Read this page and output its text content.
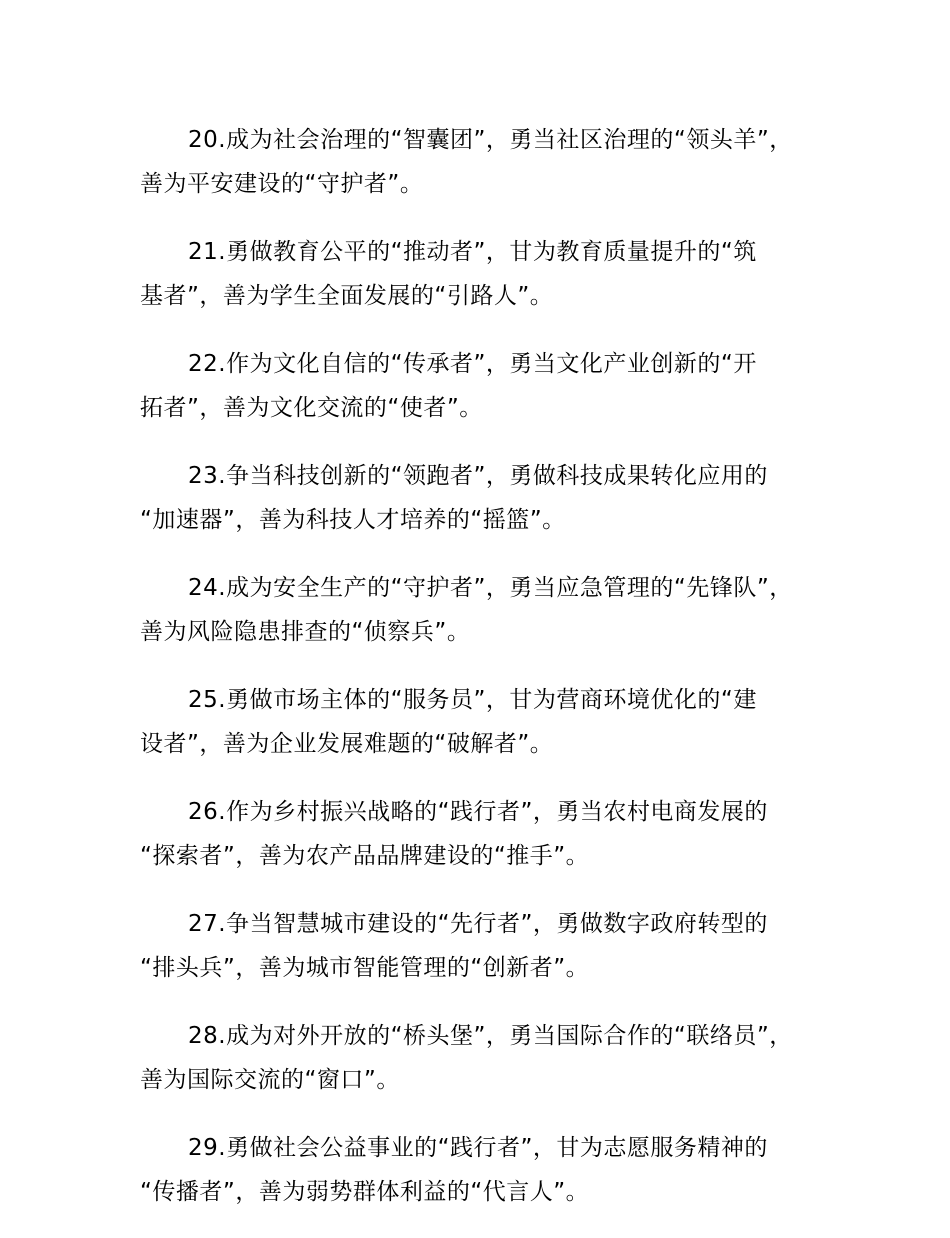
20.成为社会治理的“智囊团”，勇当社区治理的“领头羊”，
善为平安建设的“守护者”。

21.勇做教育公平的“推动者”，甘为教育质量提升的“筑
基者”，善为学生全面发展的“引路人”。

22.作为文化自信的“传承者”，勇当文化产业创新的“开
拓者”，善为文化交流的“使者”。

23.争当科技创新的“领跑者”，勇做科技成果转化应用的
“加速器”，善为科技人才培养的“摇篮”。

24.成为安全生产的“守护者”，勇当应急管理的“先锋队”，
善为风险隐患排查的“侦察兵”。

25.勇做市场主体的“服务员”，甘为营商环境优化的“建
设者”，善为企业发展难题的“破解者”。

26.作为乡村振兴战略的“践行者”，勇当农村电商发展的
“探索者”，善为农产品品牌建设的“推手”。

27.争当智慧城市建设的“先行者”，勇做数字政府转型的
“排头兵”，善为城市智能管理的“创新者”。

28.成为对外开放的“桥头堡”，勇当国际合作的“联络员”，
善为国际交流的“窗口”。

29.勇做社会公益事业的“践行者”，甘为志愿服务精神的
“传播者”，善为弱势群体利益的“代言人”。
